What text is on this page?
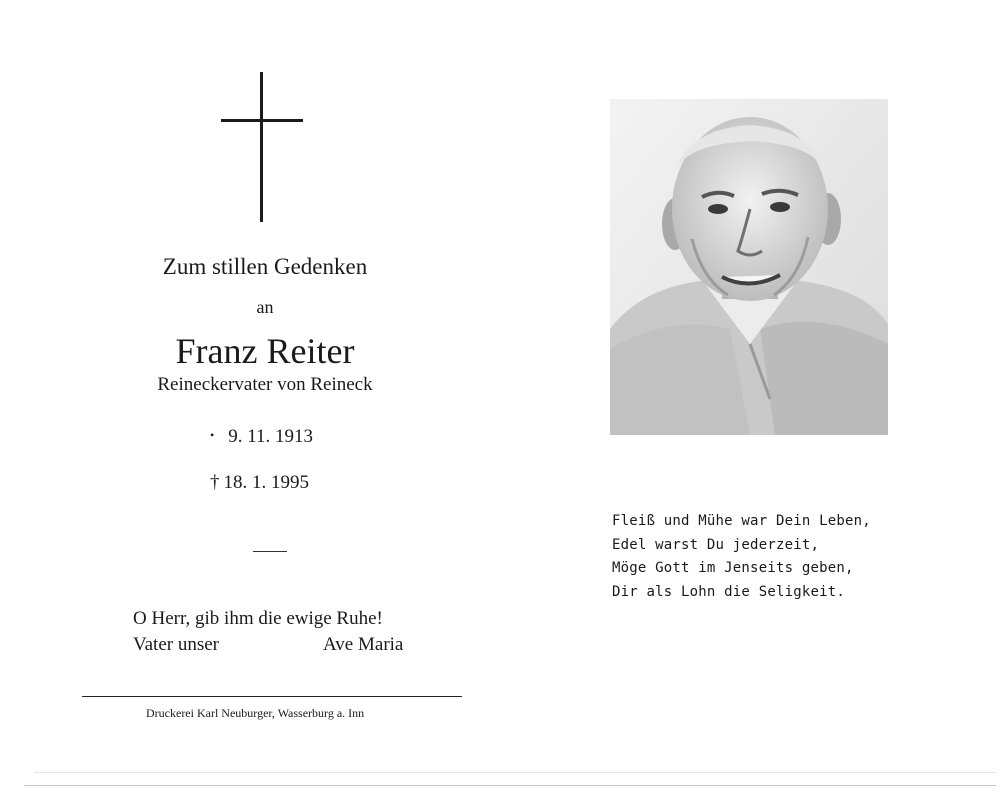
Zum stillen Gedenken
an
Franz Reiter
Reineckervater von Reineck
• 9. 11. 1913
† 18. 1. 1995
O Herr, gib ihm die ewige Ruhe!
Vater unser	Ave Maria
Druckerei Karl Neuburger, Wasserburg a. Inn
Fleiß und Mühe war Dein Leben,
Edel warst Du jederzeit,
Möge Gott im Jenseits geben,
Dir als Lohn die Seligkeit.
